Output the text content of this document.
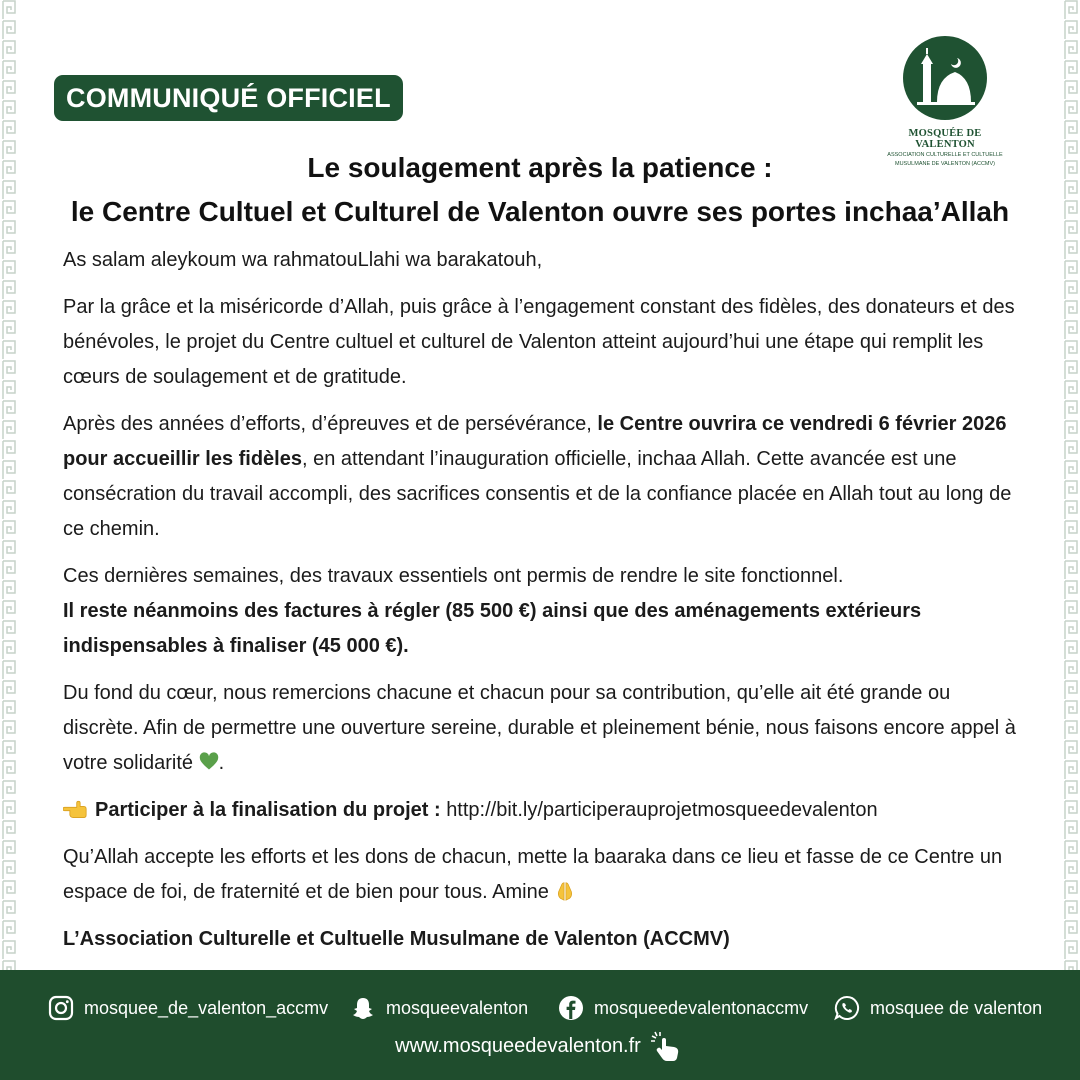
COMMUNIQUÉ OFFICIEL
MOSQUÉE DE VALENTON
ASSOCIATION CULTURELLE ET CULTUELLE
MUSULMANE DE VALENTON (ACCMV)
Le soulagement après la patience :
le Centre Cultuel et Culturel de Valenton ouvre ses portes inchaa’Allah

As salam aleykoum wa rahmatouLlahi wa barakatouh,

Par la grâce et la miséricorde d’Allah, puis grâce à l’engagement constant des fidèles, des donateurs et des bénévoles, le projet du Centre cultuel et culturel de Valenton atteint aujourd’hui une étape qui remplit les cœurs de soulagement et de gratitude.

Après des années d’efforts, d’épreuves et de persévérance, le Centre ouvrira ce vendredi 6 février 2026 pour accueillir les fidèles, en attendant l’inauguration officielle, inchaa Allah. Cette avancée est une consécration du travail accompli, des sacrifices consentis et de la confiance placée en Allah tout au long de ce chemin.

Ces dernières semaines, des travaux essentiels ont permis de rendre le site fonctionnel.
Il reste néanmoins des factures à régler (85 500 €) ainsi que des aménagements extérieurs indispensables à finaliser (45 000 €).

Du fond du cœur, nous remercions chacune et chacun pour sa contribution, qu’elle ait été grande ou discrète. Afin de permettre une ouverture sereine, durable et pleinement bénie, nous faisons encore appel à votre solidarité .

Participer à la finalisation du projet : http://bit.ly/participerauprojetmosqueedevalenton

Qu’Allah accepte les efforts et les dons de chacun, mette la baaraka dans ce lieu et fasse de ce Centre un espace de foi, de fraternité et de bien pour tous. Amine

L’Association Culturelle et Cultuelle Musulmane de Valenton (ACCMV)

mosquee_de_valenton_accmv	mosqueevalenton	mosqueedevalentonaccmv	mosquee de valenton
www.mosqueedevalenton.fr
